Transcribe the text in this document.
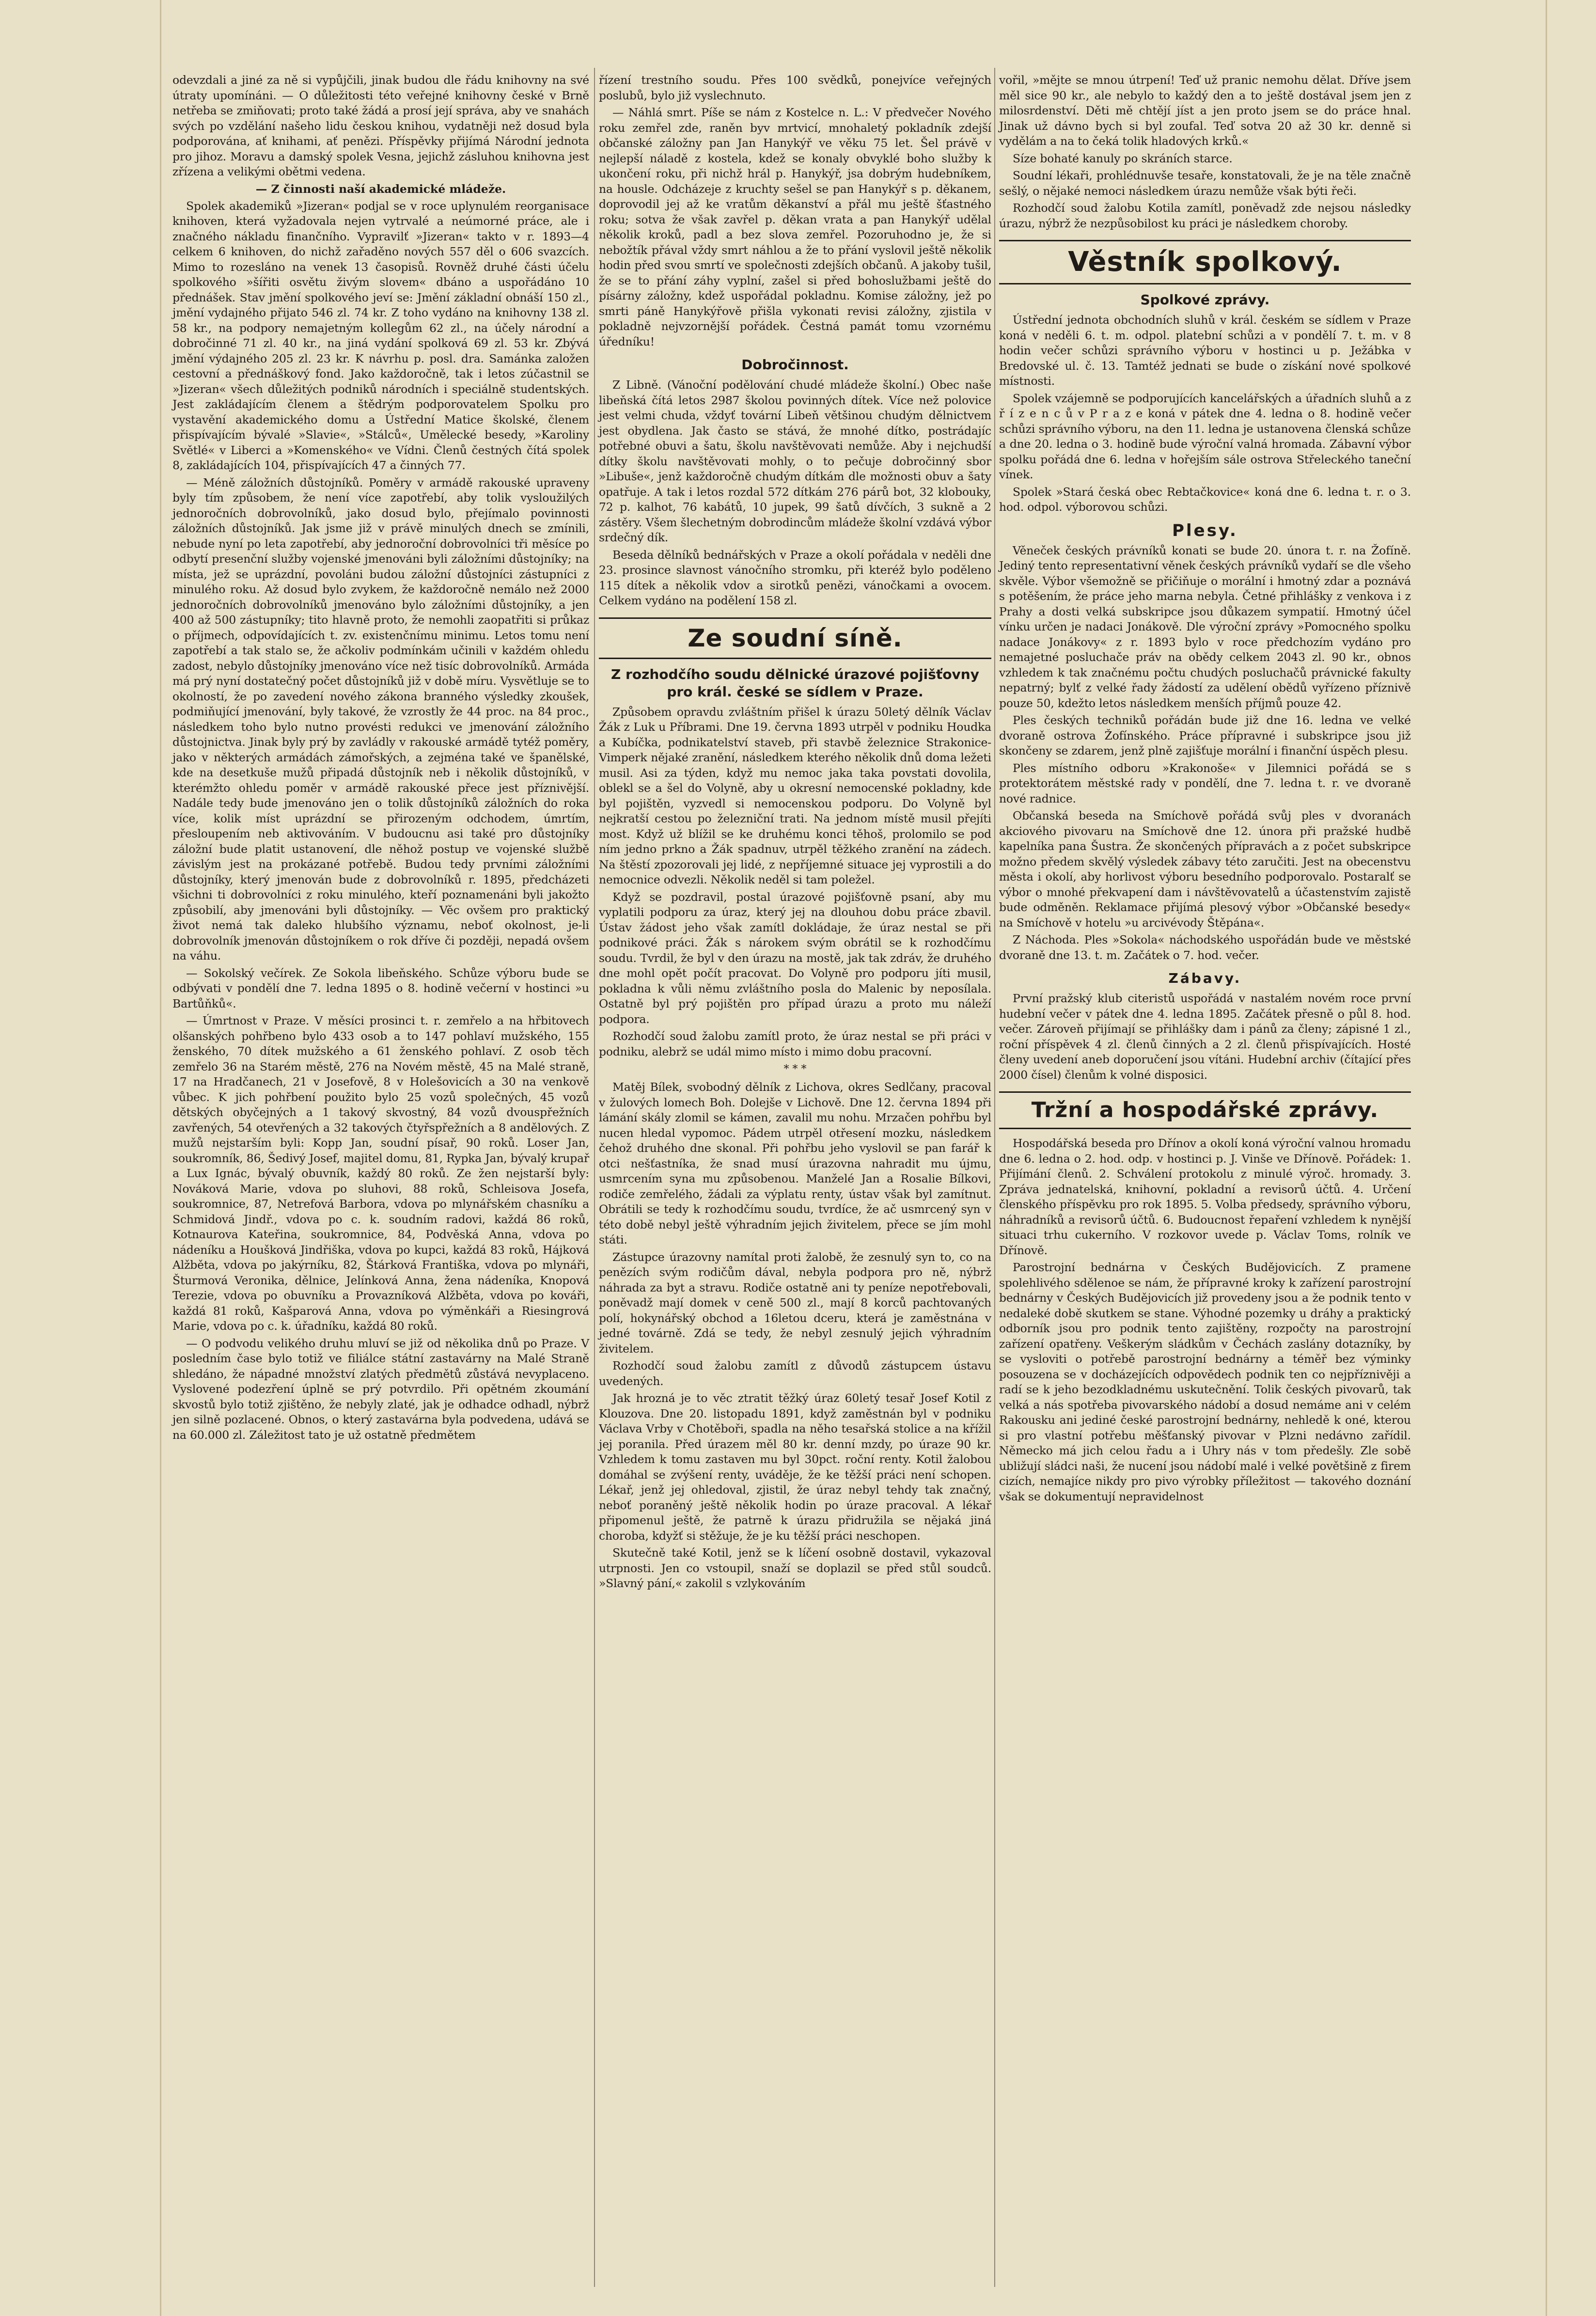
odevzdali a jiné za ně si vypůjčili, jinak budou dle řádu knihovny na své útraty upomínáni. — O důležitosti této veřejné knihovny české v Brně netřeba se zmiňovati; proto také žádá a prosí její správa, aby ve snahách svých po vzdělání našeho lidu českou knihou, vydatněji než dosud byla podporována, ať knihami, ať penězi. Příspěvky přijímá Národní jednota pro jihoz. Moravu a damský spolek Vesna, jejichž zásluhou knihovna jest zřízena a velikými obětmi vedena.

— Z činnosti naší akademické mládeže.

Spolek akademiků »Jizeran« podjal se v roce uplynulém reorganisace knihoven, která vyžadovala nejen vytrvalé a neúmorné práce, ale i značného nákladu finančního. Vypravilť »Jizeran« takto v r. 1893—4 celkem 6 knihoven, do nichž zařaděno nových 557 děl o 606 svazcích. Mimo to rozesláno na venek 13 časopisů. Rovněž druhé části účelu spolkového »šířiti osvětu živým slovem« dbáno a uspořádáno 10 přednášek. Stav jmění spolkového jeví se: Jmění základní obnáší 150 zl., jmění vydajného přijato 546 zl. 74 kr. Z toho vydáno na knihovny 138 zl. 58 kr., na podpory nemajetným kollegům 62 zl., na účely národní a dobročinné 71 zl. 40 kr., na jiná vydání spolková 69 zl. 53 kr. Zbývá jmění výdajného 205 zl. 23 kr. K návrhu p. posl. dra. Samánka založen cestovní a přednáškový fond. Jako každoročně, tak i letos zúčastnil se »Jizeran« všech důležitých podniků národních i speciálně studentských. Jest zakládajícím členem a štědrým podporovatelem Spolku pro vystavění akademického domu a Ústřední Matice školské, členem přispívajícím bývalé »Slavie«, »Stálců«, Umělecké besedy, »Karoliny Světlé« v Liberci a »Komenského« ve Vídni. Členů čestných čítá spolek 8, zakládajících 104, přispívajících 47 a činných 77.

— Méně záložních důstojníků. Poměry v armádě rakouské upraveny byly tím způsobem, že není více zapotřebí, aby tolik vysloužilých jednoročních dobrovolníků, jako dosud bylo, přejímalo povinnosti záložních důstojníků. Jak jsme již v právě minulých dnech se zmínili, nebude nyní po leta zapotřebí, aby jednoroční dobrovolníci tři měsíce po odbytí presenční služby vojenské jmenováni byli záložními důstojníky; na místa, jež se uprázdní, povoláni budou záložní důstojníci zástupníci z minulého roku. Až dosud bylo zvykem, že každoročně nemálo než 2000 jednoročních dobrovolníků jmenováno bylo záložními důstojníky, a jen 400 až 500 zástupníky; tito hlavně proto, že nemohli zaopatřiti si průkaz o příjmech, odpovídajících t. zv. existenčnímu minimu. Letos tomu není zapotřebí a tak stalo se, že ačkoliv podmínkám učinili v každém ohledu zadost, nebylo důstojníky jmenováno více než tisíc dobrovolníků. Armáda má prý nyní dostatečný počet důstojníků již v době míru. Vysvětluje se to okolností, že po zavedení nového zákona branného výsledky zkoušek, podmiňující jmenování, byly takové, že vzrostly že 44 proc. na 84 proc., následkem toho bylo nutno provésti redukci ve jmenování záložního důstojnictva. Jinak byly prý by zavládly v rakouské armádě tytéž poměry, jako v některých armádách zámořských, a zejména také ve španělské, kde na desetkuše mužů připadá důstojník neb i několik důstojníků, v kterémžto ohledu poměr v armádě rakouské přece jest příznivější. Nadále tedy bude jmenováno jen o tolik důstojníků záložních do roka více, kolik míst uprázdní se přirozeným odchodem, úmrtím, přesloupením neb aktivováním. V budoucnu asi také pro důstojníky záložní bude platit ustanovení, dle něhož postup ve vojenské službě závislým jest na prokázané potřebě. Budou tedy prvními záložními důstojníky, který jmenován bude z dobrovolníků r. 1895, předcházeti všichni ti dobrovolníci z roku minulého, kteří poznamenáni byli jakožto způsobilí, aby jmenováni byli důstojníky. — Věc ovšem pro praktický život nemá tak daleko hlubšího významu, neboť okolnost, je-li dobrovolník jmenován důstojníkem o rok dříve či později, nepadá ovšem na váhu.

— Sokolský večírek. Ze Sokola libeňského. Schůze výboru bude se odbývati v pondělí dne 7. ledna 1895 o 8. hodině večerní v hostinci »u Bartůňků«.

— Úmrtnost v Praze. V měsíci prosinci t. r. zemřelo a na hřbitovech olšanských pohřbeno bylo 433 osob a to 147 pohlaví mužského, 155 ženského, 70 dítek mužského a 61 ženského pohlaví. Z osob těch zemřelo 36 na Starém městě, 276 na Novém městě, 45 na Malé straně, 17 na Hradčanech, 21 v Josefově, 8 v Holešovicích a 30 na venkově vůbec. K jich pohřbení použito bylo 25 vozů společných, 45 vozů dětských obyčejných a 1 takový skvostný, 84 vozů dvouspřežních zavřených, 54 otevřených a 32 takových čtyřspřežních a 8 andělových. Z mužů nejstarším byli: Kopp Jan, soudní písař, 90 roků. Loser Jan, soukromník, 86, Šedivý Josef, majitel domu, 81, Rypka Jan, bývalý krupař a Lux Ignác, bývalý obuvník, každý 80 roků. Ze žen nejstarší byly: Nováková Marie, vdova po sluhovi, 88 roků, Schleisova Josefa, soukromnice, 87, Netrefová Barbora, vdova po mlynářském chasníku a Schmidová Jindř., vdova po c. k. soudním radovi, každá 86 roků, Kotnaurova Kateřina, soukromnice, 84, Podvěská Anna, vdova po nádeníku a Houšková Jindřiška, vdova po kupci, každá 83 roků, Hájková Alžběta, vdova po jakýrníku, 82, Štárková Františka, vdova po mlynáři, Šturmová Veronika, dělnice, Jelínková Anna, žena nádeníka, Knopová Terezie, vdova po obuvníku a Provazníková Alžběta, vdova po kováři, každá 81 roků, Kašparová Anna, vdova po výměnkáři a Riesingrová Marie, vdova po c. k. úřadníku, každá 80 roků.

— O podvodu velikého druhu mluví se již od několika dnů po Praze. V posledním čase bylo totiž ve filiálce státní zastavárny na Malé Straně shledáno, že nápadné množství zlatých předmětů zůstává nevyplaceno. Vyslovené podezření úplně se prý potvrdilo. Při opětném zkoumání skvostů bylo totiž zjištěno, že nebyly zlaté, jak je odhadce odhadl, nýbrž jen silně pozlacené. Obnos, o který zastavárna byla podvedena, udává se na 60.000 zl. Záležitost tato je už ostatně předmětem

řízení trestního soudu. Přes 100 svědků, ponejvíce veřejných poslubů, bylo již vyslechnuto.

— Náhlá smrt. Píše se nám z Kostelce n. L.: V předvečer Nového roku zemřel zde, raněn byv mrtvicí, mnohaletý pokladník zdejší občanské záložny pan Jan Hanykýř ve věku 75 let. Šel právě v nejlepší náladě z kostela, kdež se konaly obvyklé boho služby k ukončení roku, při nichž hrál p. Hanykýř, jsa dobrým hudebníkem, na housle. Odcházeje z kruchty sešel se pan Hanykýř s p. děkanem, doprovodil jej až ke vratům děkanství a přál mu ještě šťastného roku; sotva že však zavřel p. děkan vrata a pan Hanykýř udělal několik kroků, padl a bez slova zemřel. Pozoruhodno je, že si nebožtík přával vždy smrt náhlou a že to přání vyslovil ještě několik hodin před svou smrtí ve společnosti zdejších občanů. A jakoby tušil, že se to přání záhy vyplní, zašel si před bohoslužbami ještě do písárny záložny, kdež uspořádal pokladnu. Komise záložny, jež po smrti páně Hanykýřově přišla vykonati revisi záložny, zjistila v pokladně nejvzornější pořádek. Čestná památ tomu vzornému úředníku!

Dobročinnost.

Z Libně. (Vánoční podělování chudé mládeže školní.) Obec naše libeňská čítá letos 2987 školou povinných dítek. Více než polovice jest velmi chuda, vždyť tovární Libeň většinou chudým dělnictvem jest obydlena. Jak často se stává, že mnohé dítko, postrádajíc potřebné obuvi a šatu, školu navštěvovati nemůže. Aby i nejchudší dítky školu navštěvovati mohly, o to pečuje dobročinný sbor »Libuše«, jenž každoročně chudým dítkám dle možnosti obuv a šaty opatřuje. A tak i letos rozdal 572 dítkám 276 párů bot, 32 klobouky, 72 p. kalhot, 76 kabátů, 10 jupek, 99 šatů dívčích, 3 sukně a 2 zástěry. Všem šlechetným dobrodincům mládeže školní vzdává výbor srdečný dík.

Beseda dělníků bednářských v Praze a okolí pořádala v neděli dne 23. prosince slavnost vánočního stromku, při kteréž bylo poděleno 115 dítek a několik vdov a sirotků penězi, vánočkami a ovocem. Celkem vydáno na podělení 158 zl.

Ze soudní síně.
Z rozhodčího soudu dělnické úrazové pojišťovny pro král. české se sídlem v Praze.

Způsobem opravdu zvláštním přišel k úrazu 50letý dělník Václav Žák z Luk u Příbrami. Dne 19. června 1893 utrpěl v podniku Houdka a Kubíčka, podnikatelství staveb, při stavbě železnice Strakonice-Vimperk nějaké zranění, následkem kterého několik dnů doma ležeti musil. Asi za týden, když mu nemoc jaka taka povstati dovolila, oblekl se a šel do Volyně, aby u okresní nemocenské pokladny, kde byl pojištěn, vyzvedl si nemocenskou podporu. Do Volyně byl nejkratší cestou po železniční trati. Na jednom místě musil přejíti most. Když už blížil se ke druhému konci těhoš, prolomilo se pod ním jedno prkno a Žák spadnuv, utrpěl těžkého zranění na zádech. Na štěstí zpozorovali jej lidé, z nepříjemné situace jej vyprostili a do nemocnice odvezli. Několik neděl si tam poležel.

Když se pozdravil, postal úrazové pojišťovně psaní, aby mu vyplatili podporu za úraz, který jej na dlouhou dobu práce zbavil. Ústav žádost jeho však zamítl dokládaje, že úraz nestal se při podnikové práci. Žák s nárokem svým obrátil se k rozhodčímu soudu. Tvrdil, že byl v den úrazu na mostě, jak tak zdráv, že druhého dne mohl opět počít pracovat. Do Volyně pro podporu jíti musil, pokladna k vůli němu zvláštního posla do Malenic by neposílala. Ostatně byl prý pojištěn pro případ úrazu a proto mu náleží podpora.

Rozhodčí soud žalobu zamítl proto, že úraz nestal se při práci v podniku, alebrž se udál mimo místo i mimo dobu pracovní.

* * *

Matěj Bílek, svobodný dělník z Lichova, okres Sedlčany, pracoval v žulových lomech Boh. Dolejše v Lichově. Dne 12. června 1894 při lámání skály zlomil se kámen, zavalil mu nohu. Mrzačen pohřbu byl nucen hledal vypomoc. Pádem utrpěl otřesení mozku, následkem čehož druhého dne skonal. Při pohřbu jeho vyslovil se pan farář k otci nešťastníka, že snad musí úrazovna nahradit mu újmu, usmrcením syna mu způsobenou. Manželé Jan a Rosalie Bílkovi, rodiče zemřelého, žádali za výplatu renty, ústav však byl zamítnut. Obrátili se tedy k rozhodčímu soudu, tvrdíce, že ač usmrcený syn v této době nebyl ještě výhradním jejich živitelem, přece se jím mohl státi.

Zástupce úrazovny namítal proti žalobě, že zesnulý syn to, co na penězích svým rodičům dával, nebyla podpora pro ně, nýbrž náhrada za byt a stravu. Rodiče ostatně ani ty peníze nepotřebovali, poněvadž mají domek v ceně 500 zl., mají 8 korců pachtovaných polí, hokynářský obchod a 16letou dceru, která je zaměstnána v jedné továrně. Zdá se tedy, že nebyl zesnulý jejich výhradním živitelem.

Rozhodčí soud žalobu zamítl z důvodů zástupcem ústavu uvedených.

Jak hrozná je to věc ztratit těžký úraz 60letý tesař Josef Kotil z Klouzova. Dne 20. listopadu 1891, když zaměstnán byl v podniku Václava Vrby v Chotěboři, spadla na něho tesařská stolice a na křížil jej poranila. Před úrazem měl 80 kr. denní mzdy, po úraze 90 kr. Vzhledem k tomu zastaven mu byl 30pct. roční renty. Kotil žalobou domáhal se zvýšení renty, uváděje, že ke těžší práci není schopen. Lékař, jenž jej ohledoval, zjistil, že úraz nebyl tehdy tak značný, neboť poraněný ještě několik hodin po úraze pracoval. A lékař připomenul ještě, že patrně k úrazu přidružila se nějaká jiná choroba, kdyžť si stěžuje, že je ku těžší práci neschopen.

Skutečně také Kotil, jenž se k líčení osobně dostavil, vykazoval utrpnosti. Jen co vstoupil, snaží se doplazil se před stůl soudců. »Slavný pání,« zakolil s vzlykováním

vořil, »mějte se mnou útrpení! Teď už pranic nemohu dělat. Dříve jsem měl sice 90 kr., ale nebylo to každý den a to ještě dostával jsem jen z milosrdenství. Děti mě chtějí jíst a jen proto jsem se do práce hnal. Jinak už dávno bych si byl zoufal. Teď sotva 20 až 30 kr. denně si vydělám a na to čeká tolik hladových krků.«

Síze bohaté kanuly po skráních starce.

Soudní lékaři, prohlédnuvše tesaře, konstatovali, že je na těle značně sešlý, o nějaké nemoci následkem úrazu nemůže však býti řeči.

Rozhodčí soud žalobu Kotila zamítl, poněvadž zde nejsou následky úrazu, nýbrž že nezpůsobilost ku práci je následkem choroby.

Věstník spolkový.
Spolkové zprávy.

Ústřední jednota obchodních sluhů v král. českém se sídlem v Praze koná v neděli 6. t. m. odpol. platební schůzi a v pondělí 7. t. m. v 8 hodin večer schůzi správního výboru v hostinci u p. Ježábka v Bredovské ul. č. 13. Tamtéž jednati se bude o získání nové spolkové místnosti.

Spolek vzájemně se podporujících kancelářských a úřadních sluhů a z ř í z e n c ů v P r a z e koná v pátek dne 4. ledna o 8. hodině večer schůzi správního výboru, na den 11. ledna je ustanovena členská schůze a dne 20. ledna o 3. hodině bude výroční valná hromada. Zábavní výbor spolku pořádá dne 6. ledna v hořejším sále ostrova Střeleckého taneční vínek.

Spolek »Stará česká obec Rebtačkovice« koná dne 6. ledna t. r. o 3. hod. odpol. výborovou schůzi.

Plesy.

Věneček českých právníků konati se bude 20. února t. r. na Žofíně. Jediný tento representativní věnek českých právníků vydaří se dle všeho skvěle. Výbor všemožně se přičiňuje o morální i hmotný zdar a poznává s potěšením, že práce jeho marna nebyla. Četné přihlášky z venkova i z Prahy a dosti velká subskripce jsou důkazem sympatií. Hmotný účel vínku určen je nadaci Jonákově. Dle výroční zprávy »Pomocného spolku nadace Jonákovy« z r. 1893 bylo v roce předchozím vydáno pro nemajetné posluchače práv na obědy celkem 2043 zl. 90 kr., obnos vzhledem k tak značnému počtu chudých posluchačů právnické fakulty nepatrný; bylť z velké řady žádostí za udělení obědů vyřízeno příznivě pouze 50, kdežto letos následkem menších příjmů pouze 42.

Ples českých techniků pořádán bude již dne 16. ledna ve velké dvoraně ostrova Žofínského. Práce přípravné i subskripce jsou již skončeny se zdarem, jenž plně zajišťuje morální i finanční úspěch plesu.

Ples místního odboru »Krakonoše« v Jilemnici pořádá se s protektorátem městské rady v pondělí, dne 7. ledna t. r. ve dvoraně nové radnice.

Občanská beseda na Smíchově pořádá svůj ples v dvoranách akciového pivovaru na Smíchově dne 12. února při pražské hudbě kapelníka pana Šustra. Že skončených přípravách a z počet subskripce možno předem skvělý výsledek zábavy této zaručiti. Jest na obecenstvu města i okolí, aby horlivost výboru besedního podporovalo. Postaralť se výbor o mnohé překvapení dam i návštěvovatelů a účastenstvím zajistě bude odměněn. Reklamace přijímá plesový výbor »Občanské besedy« na Smíchově v hotelu »u arcivévody Štěpána«.

Z Náchoda. Ples »Sokola« náchodského uspořádán bude ve městské dvoraně dne 13. t. m. Začátek o 7. hod. večer.

Zábavy.

První pražský klub citeristů uspořádá v nastalém novém roce první hudební večer v pátek dne 4. ledna 1895. Začátek přesně o půl 8. hod. večer. Zároveň přijímají se přihlášky dam i pánů za členy; zápisné 1 zl., roční příspěvek 4 zl. členů činných a 2 zl. členů přispívajících. Hosté členy uvedení aneb doporučení jsou vítáni. Hudební archiv (čítající přes 2000 čísel) členům k volné disposici.

Tržní a hospodářské zprávy.

Hospodářská beseda pro Dřínov a okolí koná výroční valnou hromadu dne 6. ledna o 2. hod. odp. v hostinci p. J. Vinše ve Dřínově. Pořádek: 1. Přijímání členů. 2. Schválení protokolu z minulé výroč. hromady. 3. Zpráva jednatelská, knihovní, pokladní a revisorů účtů. 4. Určení členského příspěvku pro rok 1895. 5. Volba předsedy, správního výboru, náhradníků a revisorů účtů. 6. Budoucnost řepaření vzhledem k nynější situaci trhu cukerního. V rozkovor uvede p. Václav Toms, rolník ve Dřínově.

Parostrojní bednárna v Českých Budějovicích. Z pramene spolehlivého sdělenoe se nám, že přípravné kroky k zařízení parostrojní bednárny v Českých Budějovicích již provedeny jsou a že podnik tento v nedaleké době skutkem se stane. Výhodné pozemky u dráhy a praktický odborník jsou pro podnik tento zajištěny, rozpočty na parostrojní zařízení opatřeny. Veškerým sládkům v Čechách zaslány dotazníky, by se vysloviti o potřebě parostrojní bednárny a téměř bez výminky posouzena se v docházejících odpovědech podnik ten co nejpříznivěji a radí se k jeho bezodkladnému uskutečnění. Tolik českých pivovarů, tak velká a nás spotřeba pivovarského nádobí a dosud nemáme ani v celém Rakousku ani jediné české parostrojní bednárny, nehledě k oné, kterou si pro vlastní potřebu měšťanský pivovar v Plzni nedávno zařídil. Německo má jich celou řadu a i Uhry nás v tom předešly. Zle sobě ubližují sládci naši, že nucení jsou nádobí malé i velké povětšině z firem cizích, nemajíce nikdy pro pivo výrobky příležitost — takového doznání však se dokumentují nepravidelnost
